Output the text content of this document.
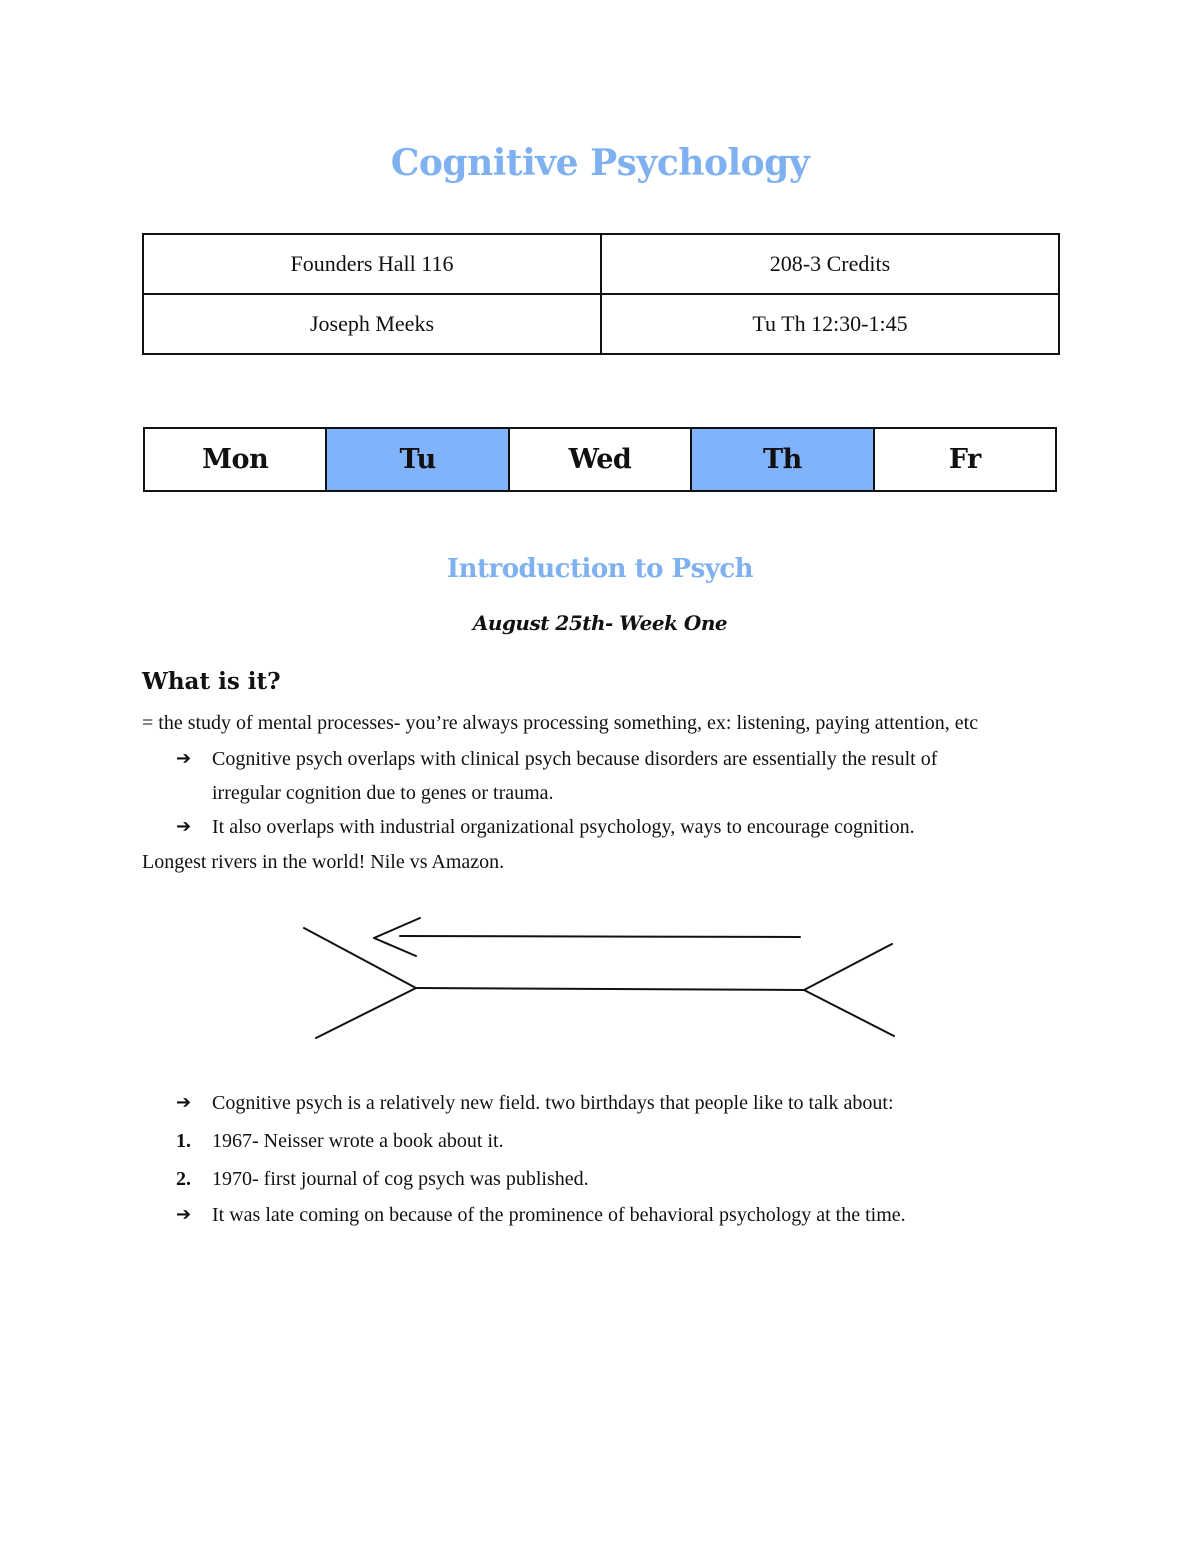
Cognitive Psychology
Founders Hall 116	208-3 Credits
Joseph Meeks	Tu Th 12:30-1:45
Mon	Tu	Wed	Th	Fr
Introduction to Psych
August 25th- Week One
What is it?
= the study of mental processes- you’re always processing something, ex: listening, paying attention, etc
➔ Cognitive psych overlaps with clinical psych because disorders are essentially the result of
irregular cognition due to genes or trauma.
➔ It also overlaps with industrial organizational psychology, ways to encourage cognition.
Longest rivers in the world! Nile vs Amazon.
➔ Cognitive psych is a relatively new field. two birthdays that people like to talk about:
1. 1967- Neisser wrote a book about it.
2. 1970- first journal of cog psych was published.
➔ It was late coming on because of the prominence of behavioral psychology at the time.
